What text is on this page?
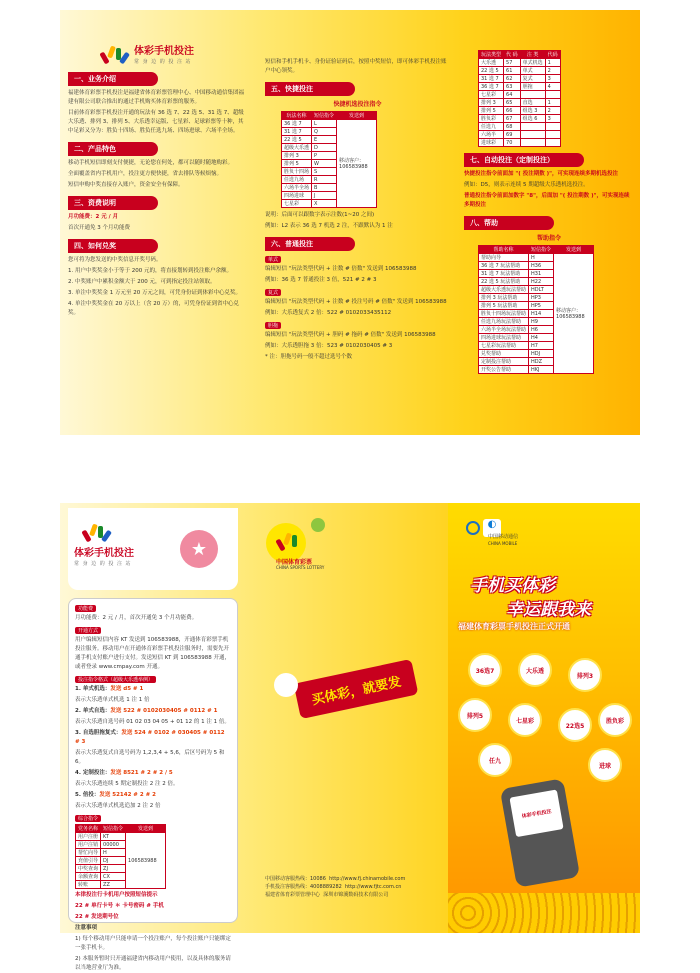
体彩手机投注
常 身 边 的 投 注 站
一、业务介绍
福建体育彩票手机投注是福建省体育彩票管理中心、中国移动通信集团福建有限公司联合推出的通过手机购买体育彩票的服务。
目前体育彩票手机投注开通的玩法有 36 选 7、22 选 5、31 选 7、超级大乐透、排列 3、排列 5、大乐透幸运版、七星彩、足球彩票等十种，其中足彩又分为：胜负十四场、胜负任选九场、四场进球、六场半全场。
二、产品特色
移动手机短信即刻支付便捷，无论您在何处，都可以随时随地购彩。
全面覆盖省内手机用户，投注更方便快捷，省去排队等候烦恼。
短信申购中奖直接存入账户，资金安全有保障。
三、资费说明
月功能费：2 元 / 月
首次开通免 3 个月功能费
四、如何兑奖
您可将为您发送的中奖信息开奖号码。
1. 用户中奖奖金小于等于 200 元的，将直接划转到投注账户余额。
2. 中奖账户中累积金额大于 200 元，可到指定投注站领取。
3. 单注中奖奖金 1 万元至 20 万元之间，可凭身份证到体彩中心兑奖。
4. 单注中奖奖金在 20 万以上（含 20 万）的，可凭身份证到省中心兑奖。
短信和手机手机卡、身份证验证码后，按照中奖短信，即可体彩手机投注账户中心领奖。
五、快捷投注
快捷机选投注指令
玩法名称	短信指令	发送到
36 选 7	L	移动客户：106583988
31 选 7	Q	
22 选 5	E	
超级大乐透	D	
排列 3	P	
排列 5	W	
胜负十四场	S	
任选九场	R	
六场半全场	B	
四场进球	J	
七星彩	X	
说明：后面可以跟数字表示注数(1~20 之间)
例如：L2 表示 36 选 7 机选 2 注，不跟默认为 1 注
六、普通投注
单式
编辑短信 "玩法类型代码 + 注数 # 倍数" 发送到 106583988
例如：36 选 7 普通投注 3 倍，521 # 2 # 3
复式
编辑短信 "玩法类型代码 + 注数 # 投注号码 # 倍数" 发送到 106583988
例如：大乐透复式 2 倍：522 # 0102033435112
胆拖
编辑短信 "玩法类型代码 + 胆码 # 拖码 # 倍数" 发送到 106583988
例如：大乐透胆拖 3 倍：523 # 0102030405 # 3
* 注：胆拖号码一般不超过选号个数
玩法类型	代 码	注 类	代码
大乐透	57	单式机选	1
22 选 5	61	单式	2
31 选 7	62	复式	3
36 选 7	63	胆拖	4
七星彩	64		
排列 3	65	直选	1
排列 5	66	组选 3	2
胜负彩	67	组选 6	3
任选九	68		
六场半	69		
进球彩	70		
七、自动投注（定制投注）
快捷投注指令前面加 "( 投注期数 )"，可实现连续多期机选投注
例如：D5，则表示连续 5 期超级大乐透机选投注。
普通投注指令前面加数字 "8"，后面加 "( 投注期数 )"，可实现连续多期投注
八、帮助
帮助指令
帮助名称	短信指令	发送到
帮助向导	H	移动客户：106583988
36 选 7 玩法帮助	H36	
31 选 7 玩法帮助	H31	
22 选 5 玩法帮助	H22	
超级大乐透玩法帮助	HDLT	
排列 3 玩法帮助	HP3	
排列 5 玩法帮助	HP5	
胜负十四场玩法帮助	H14	
任选九场玩法帮助	H9	
六场半全场玩法帮助	H6	
四场进球玩法帮助	H4	
七星彩玩法帮助	H7	
兑奖帮助	HDJ	
定制投注帮助	HDZ	
开奖公告帮助	HKJ	
体彩手机投注
常 身 边 的 投 注 站
★
功能费
月功能费：2 元 / 月，首次开通免 3 个月功能费。
开通方式
用户编辑短信内容 KT 发送到 106583988，开通体育彩票手机投注服务。移动用户在开通体育彩票手机投注服务时，需要先开通手机支付账户进行支付。发送短信 KT 到 106583988 开通，或者登录 www.cmpay.com 开通。
投注指令格式（超级大乐透举例）
1. 单式机选：发送 d5 # 1
表示大乐透单式机选 1 注 1 倍
2. 单式自选：发送 522 # 0102030405 # 0112 # 1
表示大乐透自选号码 01 02 03 04 05 + 01 12 的 1 注 1 倍。
3. 自选胆拖复式：发送 524 # 0102 # 030405 # 0112 # 3
表示大乐透复式自选号码为 1,2,3,4 + 5,6，后区号码为 5 和 6。
4. 定制投注：发送 8521 # 2 # 2 / 5
表示大乐透连续 5 期定制投注 2 注 2 倍。
5. 倍投：发送 52142 # 2 # 2
表示大乐透单式机选追加 2 注 2 倍
综合指令
党务名称	短信指令	发送到
用户注册	KT	106583988
用户注销	00000	
帮忙向导	H	
充值引导	DJ	
中奖查询	ZJ	
余额查询	CX	
转账	ZZ	
本律投注行卡机用户按照短信提示
22 # 单行卡号 ＊ 卡号密码 # 手机
22 # 发送期号位
注意事项
1) 每个移动用户只能申请一个投注账户，每个投注账户只能绑定一张手机卡。
2) 本服务暂时只开通福建省内移动用户使用，以及具体的服务请以当地营业厅为准。
中国体育彩票
CHINA SPORTS LOTTERY
买体彩，就要发
◐
中国移动通信
CHINA MOBILE
手机买体彩
幸运跟我来
福建体育彩票手机投注正式开通
36选7	大乐透
排列3
排列5
七星彩
22选5
胜负彩
任九
进球
体彩手机投注
中国移动客服热线：10086 http://www.fj.chinamobile.com
手机投注客服热线：4008889282 http://www.fjtc.com.cn
福建省体育彩票管理中心 深圳市锦溪数码技术有限公司
